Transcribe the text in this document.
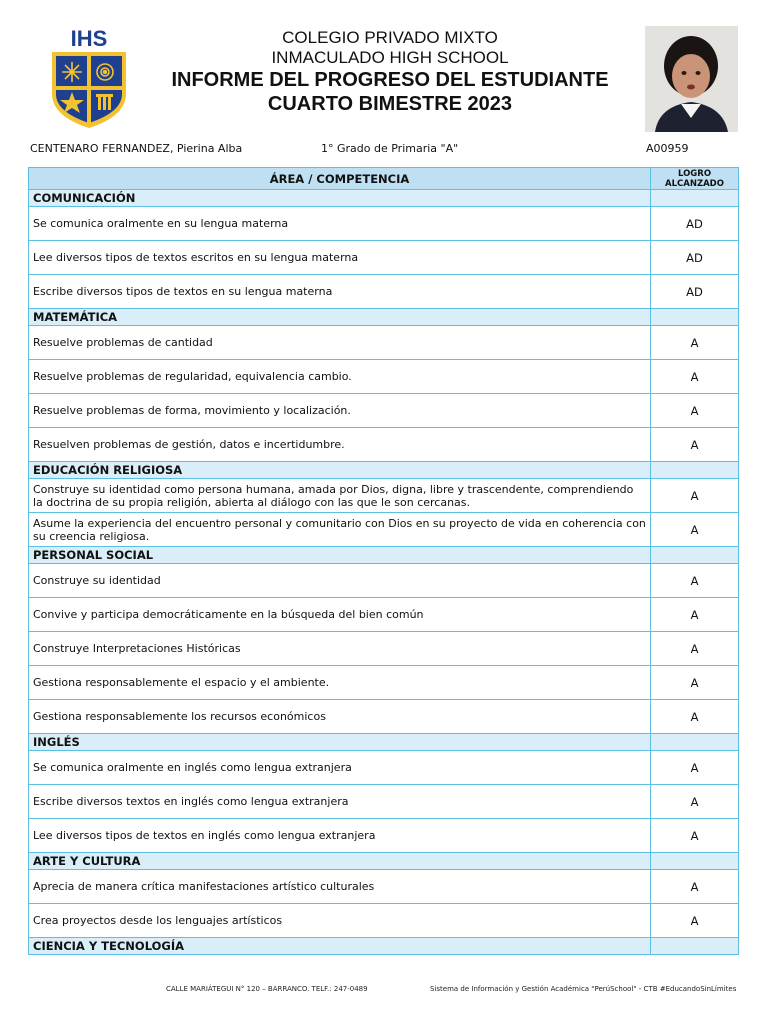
IHS	COLEGIO PRIVADO MIXTO
INMACULADO HIGH SCHOOL
INFORME DEL PROGRESO DEL ESTUDIANTE
CUARTO BIMESTRE 2023
CENTENARO FERNANDEZ, Pierina Alba	1° Grado de Primaria "A"	A00959
ÁREA / COMPETENCIA	LOGRO ALCANZADO
COMUNICACIÓN	
Se comunica oralmente en su lengua materna	AD
Lee diversos tipos de textos escritos en su lengua materna	AD
Escribe diversos tipos de textos en su lengua materna	AD
MATEMÁTICA	
Resuelve problemas de cantidad	A
Resuelve problemas de regularidad, equivalencia cambio.	A
Resuelve problemas de forma, movimiento y localización.	A
Resuelven problemas de gestión, datos e incertidumbre.	A
EDUCACIÓN RELIGIOSA	
Construye su identidad como persona humana, amada por Dios, digna, libre y trascendente, comprendiendo la doctrina de su propia religión, abierta al diálogo con las que le son cercanas.	A
Asume la experiencia del encuentro personal y comunitario con Dios en su proyecto de vida en coherencia con su creencia religiosa.	A
PERSONAL SOCIAL	
Construye su identidad	A
Convive y participa democráticamente en la búsqueda del bien común	A
Construye Interpretaciones Históricas	A
Gestiona responsablemente el espacio y el ambiente.	A
Gestiona responsablemente los recursos económicos	A
INGLÉS	
Se comunica oralmente en inglés como lengua extranjera	A
Escribe diversos textos en inglés como lengua extranjera	A
Lee diversos tipos de textos en inglés como lengua extranjera	A
ARTE Y CULTURA	
Aprecia de manera crítica manifestaciones artístico culturales	A
Crea proyectos desde los lenguajes artísticos	A
CIENCIA Y TECNOLOGÍA	
CALLE MARIÁTEGUI N° 120 – BARRANCO. TELF.: 247-0489	Sistema de Información y Gestión Académica "PerúSchool" - CTB #EducandoSinLímites
